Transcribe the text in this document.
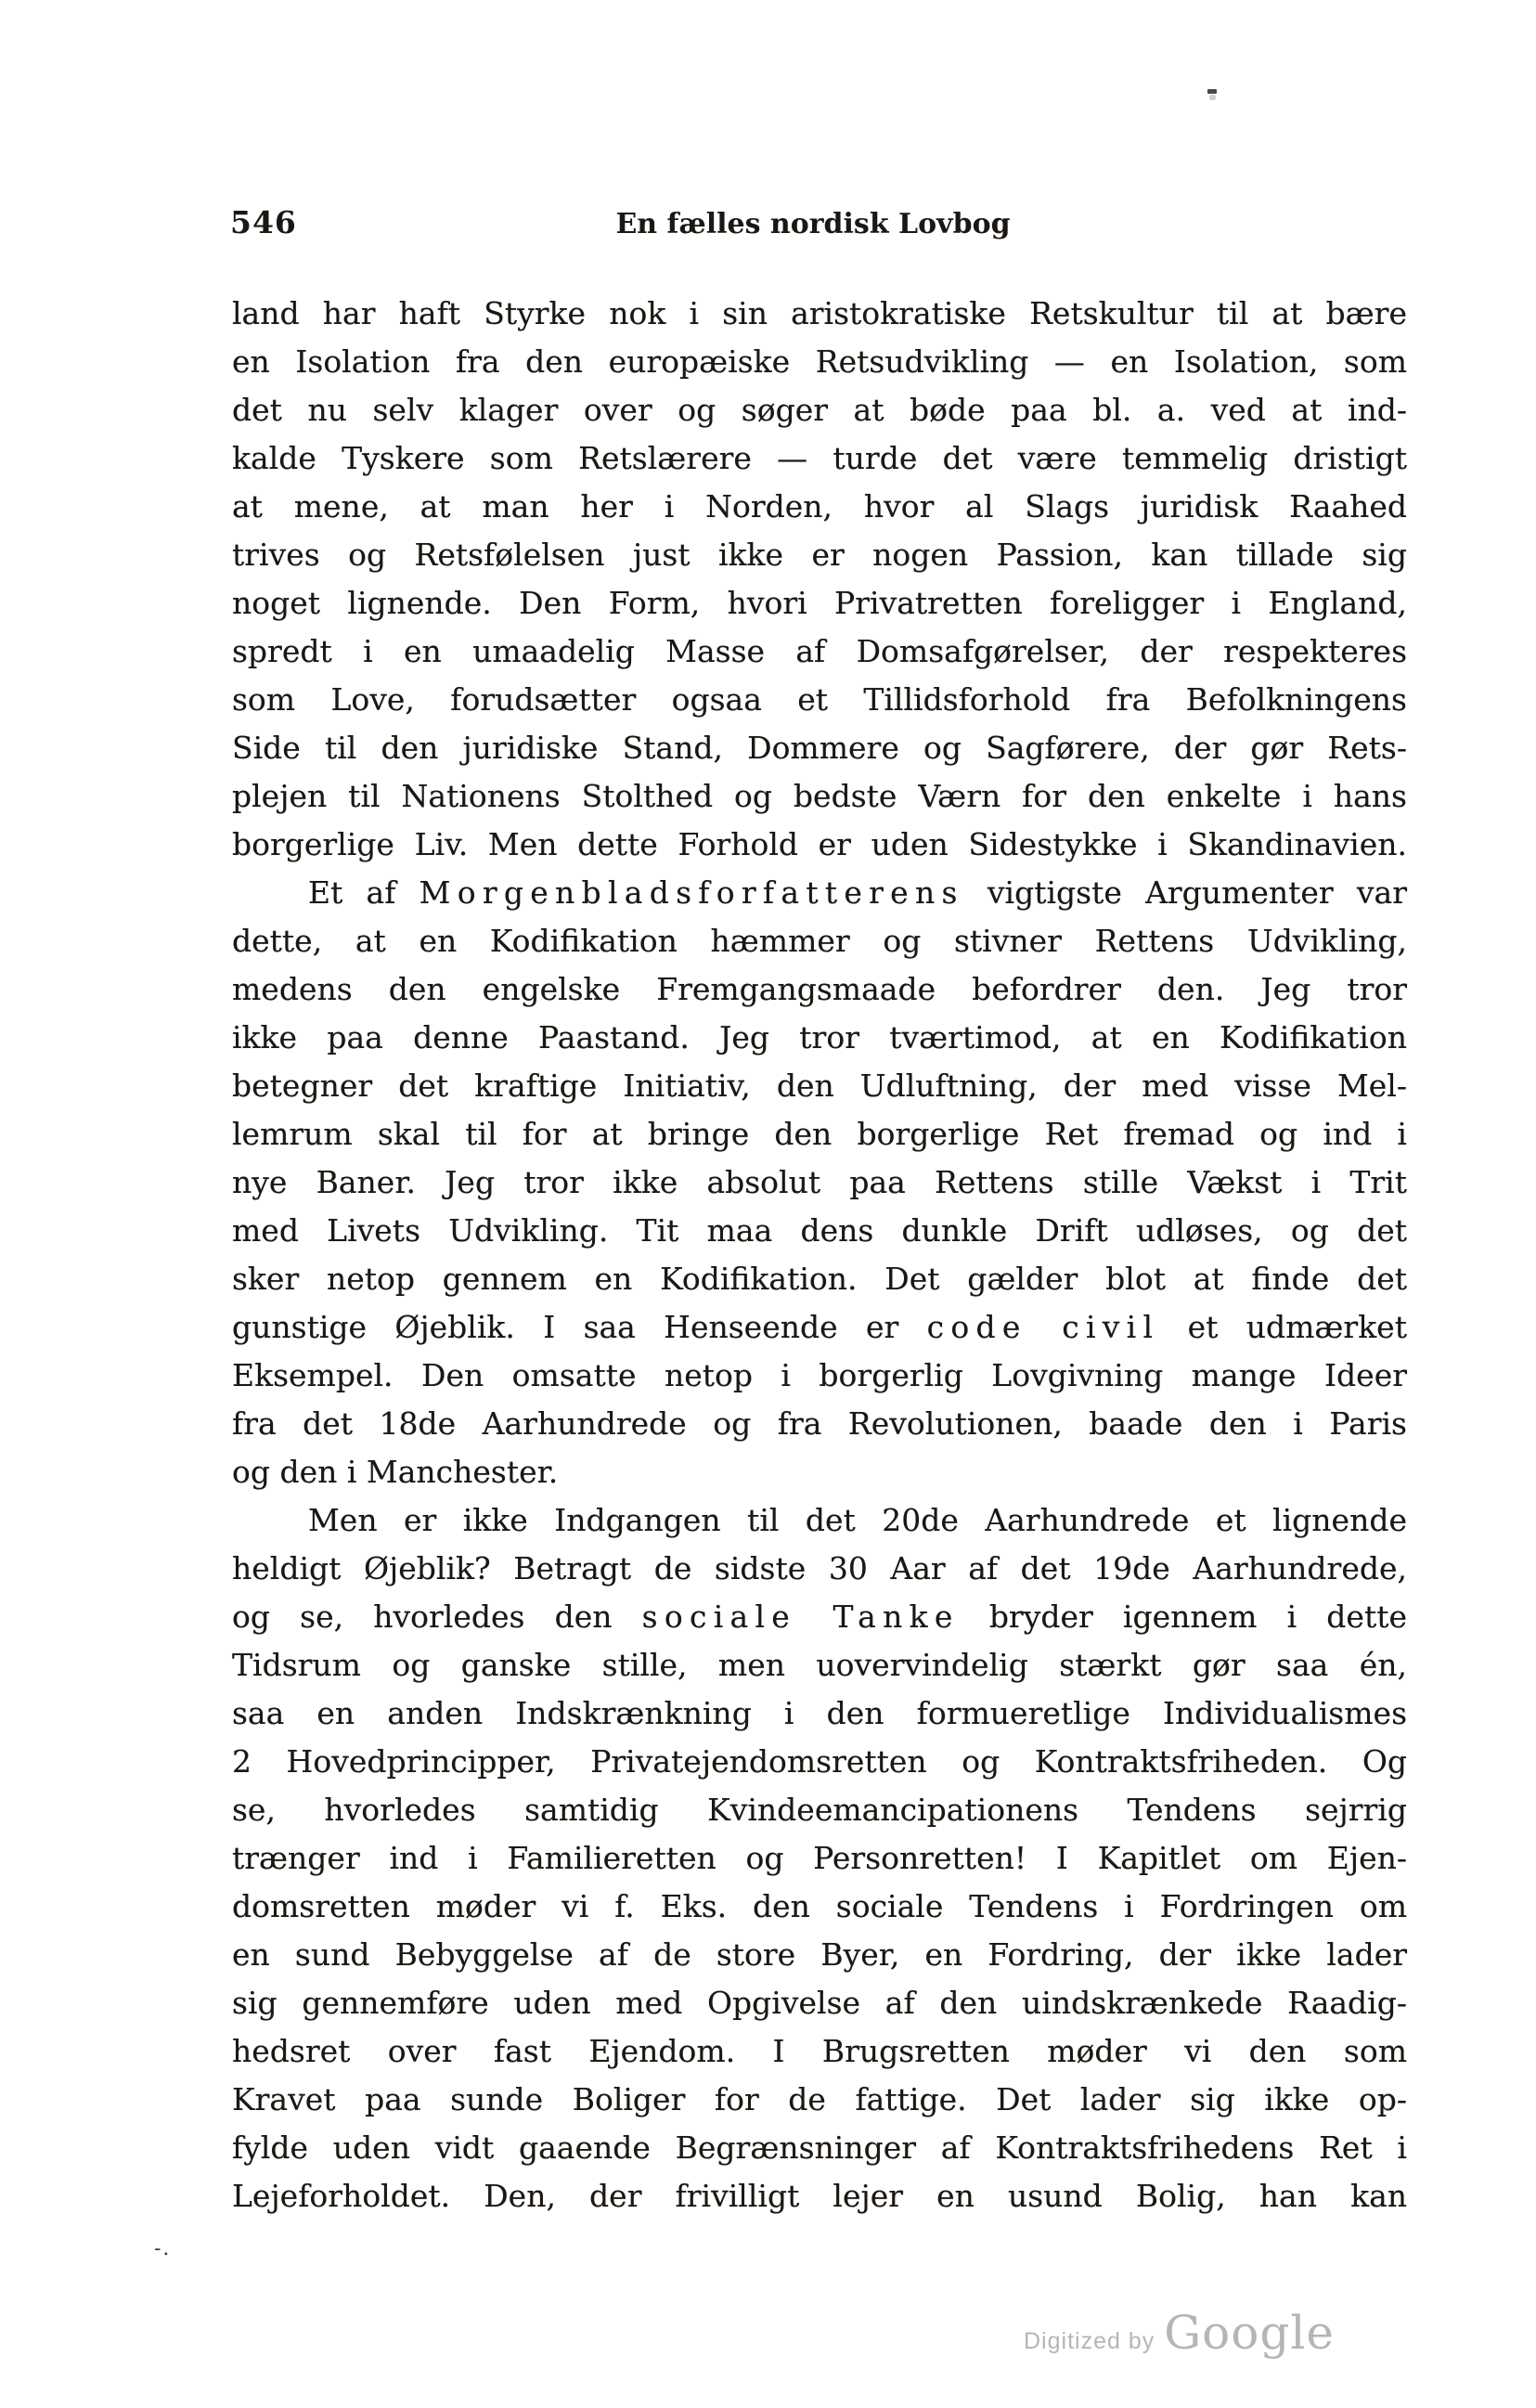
546	En fælles nordisk Lovbog
land har haft Styrke nok i sin aristokratiske Retskultur til at bære
en Isolation fra den europæiske Retsudvikling — en Isolation, som
det nu selv klager over og søger at bøde paa bl. a. ved at ind-
kalde Tyskere som Retslærere — turde det være temmelig dristigt
at mene, at man her i Norden, hvor al Slags juridisk Raahed
trives og Retsfølelsen just ikke er nogen Passion, kan tillade sig
noget lignende. Den Form, hvori Privatretten foreligger i England,
spredt i en umaadelig Masse af Domsafgørelser, der respekteres
som Love, forudsætter ogsaa et Tillidsforhold fra Befolkningens
Side til den juridiske Stand, Dommere og Sagførere, der gør Rets-
plejen til Nationens Stolthed og bedste Værn for den enkelte i hans
borgerlige Liv. Men dette Forhold er uden Sidestykke i Skandinavien.
Et af Morgenbladsforfatterens vigtigste Argumenter var
dette, at en Kodifikation hæmmer og stivner Rettens Udvikling,
medens den engelske Fremgangsmaade befordrer den. Jeg tror
ikke paa denne Paastand. Jeg tror tværtimod, at en Kodifikation
betegner det kraftige Initiativ, den Udluftning, der med visse Mel-
lemrum skal til for at bringe den borgerlige Ret fremad og ind i
nye Baner. Jeg tror ikke absolut paa Rettens stille Vækst i Trit
med Livets Udvikling. Tit maa dens dunkle Drift udløses, og det
sker netop gennem en Kodifikation. Det gælder blot at finde det
gunstige Øjeblik. I saa Henseende er code civil et udmærket
Eksempel. Den omsatte netop i borgerlig Lovgivning mange Ideer
fra det 18de Aarhundrede og fra Revolutionen, baade den i Paris
og den i Manchester.
Men er ikke Indgangen til det 20de Aarhundrede et lignende
heldigt Øjeblik? Betragt de sidste 30 Aar af det 19de Aarhundrede,
og se, hvorledes den sociale Tanke bryder igennem i dette
Tidsrum og ganske stille, men uovervindelig stærkt gør saa én,
saa en anden Indskrænkning i den formueretlige Individualismes
2 Hovedprincipper, Privatejendomsretten og Kontraktsfriheden. Og
se, hvorledes samtidig Kvindeemancipationens Tendens sejrrig
trænger ind i Familieretten og Personretten! I Kapitlet om Ejen-
domsretten møder vi f. Eks. den sociale Tendens i Fordringen om
en sund Bebyggelse af de store Byer, en Fordring, der ikke lader
sig gennemføre uden med Opgivelse af den uindskrænkede Raadig-
hedsret over fast Ejendom. I Brugsretten møder vi den som
Kravet paa sunde Boliger for de fattige. Det lader sig ikke op-
fylde uden vidt gaaende Begrænsninger af Kontraktsfrihedens Ret i
Lejeforholdet. Den, der frivilligt lejer en usund Bolig, han kan
-.
Digitized by Google
